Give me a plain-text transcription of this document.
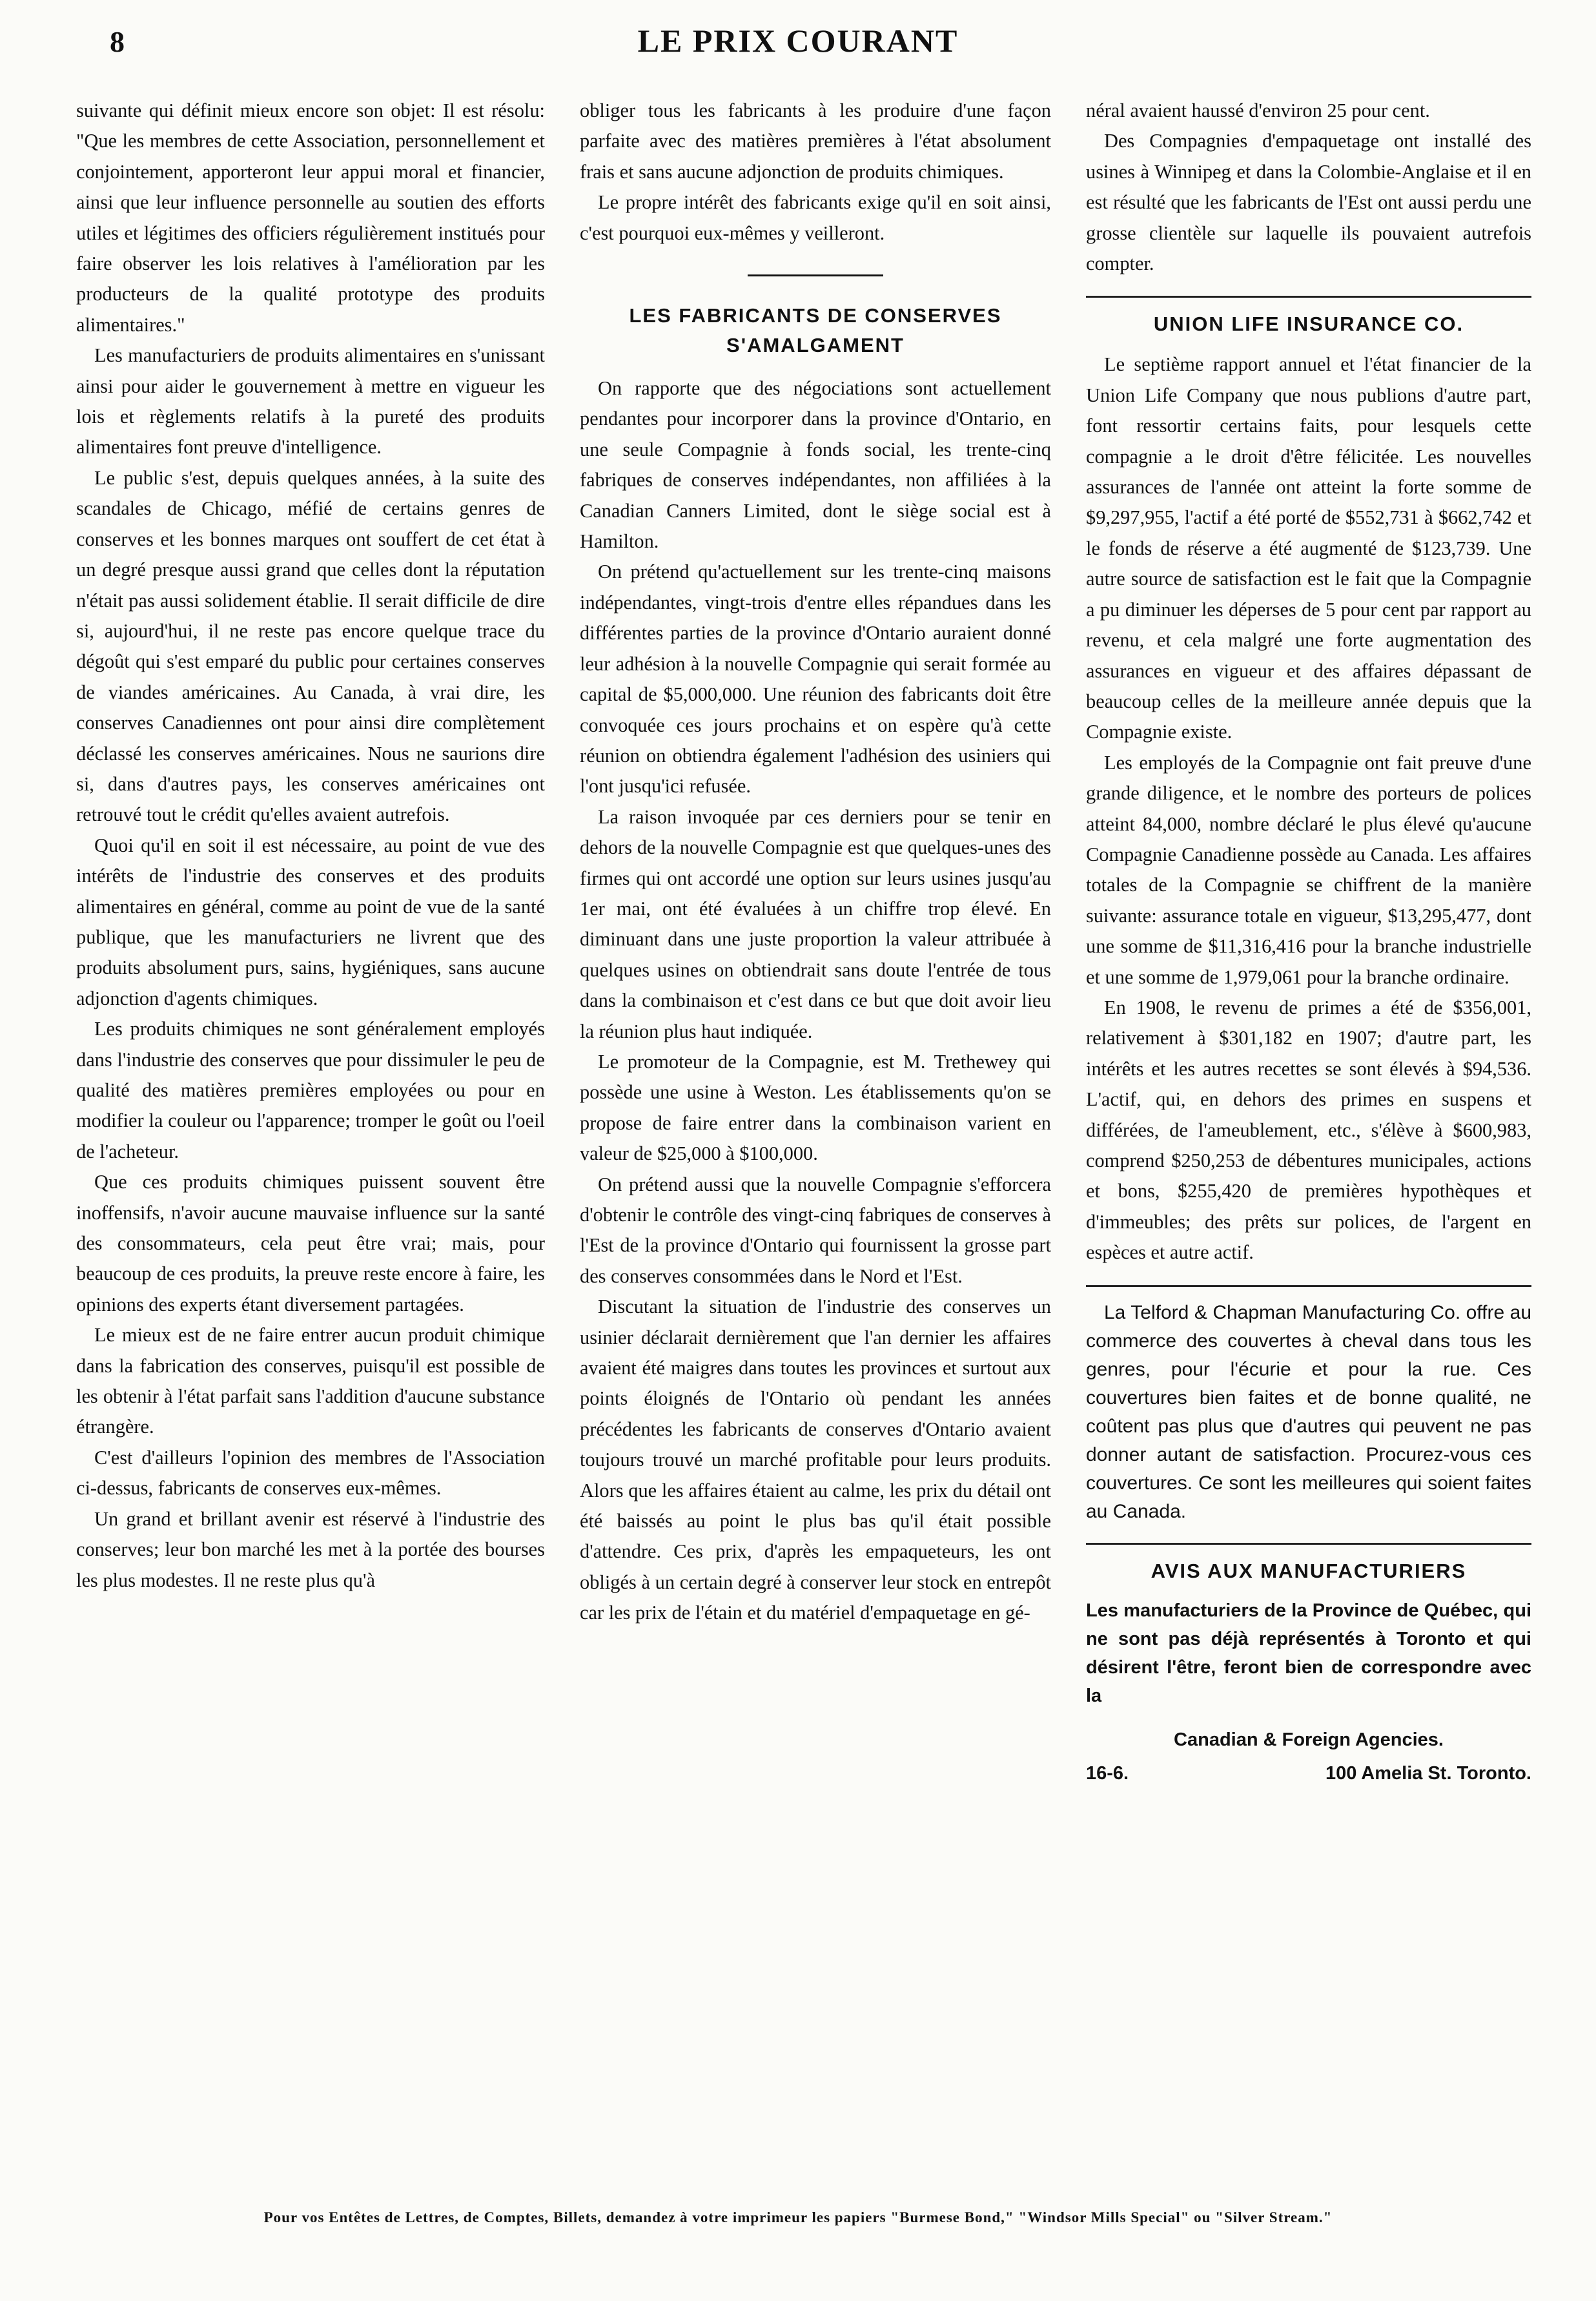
8	LE PRIX COURANT

suivante qui définit mieux encore son objet: Il est résolu: "Que les membres de cette Association, personnellement et conjointement, apporteront leur appui moral et financier, ainsi que leur influence personnelle au soutien des efforts utiles et légitimes des officiers régulièrement institués pour faire observer les lois relatives à l'amélioration par les producteurs de la qualité prototype des produits alimentaires."

Les manufacturiers de produits alimentaires en s'unissant ainsi pour aider le gouvernement à mettre en vigueur les lois et règlements relatifs à la pureté des produits alimentaires font preuve d'intelligence.

Le public s'est, depuis quelques années, à la suite des scandales de Chicago, méfié de certains genres de conserves et les bonnes marques ont souffert de cet état à un degré presque aussi grand que celles dont la réputation n'était pas aussi solidement établie. Il serait difficile de dire si, aujourd'hui, il ne reste pas encore quelque trace du dégoût qui s'est emparé du public pour certaines conserves de viandes américaines. Au Canada, à vrai dire, les conserves Canadiennes ont pour ainsi dire complètement déclassé les conserves américaines. Nous ne saurions dire si, dans d'autres pays, les conserves américaines ont retrouvé tout le crédit qu'elles avaient autrefois.

Quoi qu'il en soit il est nécessaire, au point de vue des intérêts de l'industrie des conserves et des produits alimentaires en général, comme au point de vue de la santé publique, que les manufacturiers ne livrent que des produits absolument purs, sains, hygiéniques, sans aucune adjonction d'agents chimiques.

Les produits chimiques ne sont généralement employés dans l'industrie des conserves que pour dissimuler le peu de qualité des matières premières employées ou pour en modifier la couleur ou l'apparence; tromper le goût ou l'oeil de l'acheteur.

Que ces produits chimiques puissent souvent être inoffensifs, n'avoir aucune mauvaise influence sur la santé des consommateurs, cela peut être vrai; mais, pour beaucoup de ces produits, la preuve reste encore à faire, les opinions des experts étant diversement partagées.

Le mieux est de ne faire entrer aucun produit chimique dans la fabrication des conserves, puisqu'il est possible de les obtenir à l'état parfait sans l'addition d'aucune substance étrangère.

C'est d'ailleurs l'opinion des membres de l'Association ci-dessus, fabricants de conserves eux-mêmes.

Un grand et brillant avenir est réservé à l'industrie des conserves; leur bon marché les met à la portée des bourses les plus modestes. Il ne reste plus qu'à

obliger tous les fabricants à les produire d'une façon parfaite avec des matières premières à l'état absolument frais et sans aucune adjonction de produits chimiques.

Le propre intérêt des fabricants exige qu'il en soit ainsi, c'est pourquoi eux-mêmes y veilleront.

LES FABRICANTS DE CONSERVES S'AMALGAMENT

On rapporte que des négociations sont actuellement pendantes pour incorporer dans la province d'Ontario, en une seule Compagnie à fonds social, les trente-cinq fabriques de conserves indépendantes, non affiliées à la Canadian Canners Limited, dont le siège social est à Hamilton.

On prétend qu'actuellement sur les trente-cinq maisons indépendantes, vingt-trois d'entre elles répandues dans les différentes parties de la province d'Ontario auraient donné leur adhésion à la nouvelle Compagnie qui serait formée au capital de $5,000,000. Une réunion des fabricants doit être convoquée ces jours prochains et on espère qu'à cette réunion on obtiendra également l'adhésion des usiniers qui l'ont jusqu'ici refusée.

La raison invoquée par ces derniers pour se tenir en dehors de la nouvelle Compagnie est que quelques-unes des firmes qui ont accordé une option sur leurs usines jusqu'au 1er mai, ont été évaluées à un chiffre trop élevé. En diminuant dans une juste proportion la valeur attribuée à quelques usines on obtiendrait sans doute l'entrée de tous dans la combinaison et c'est dans ce but que doit avoir lieu la réunion plus haut indiquée.

Le promoteur de la Compagnie, est M. Trethewey qui possède une usine à Weston. Les établissements qu'on se propose de faire entrer dans la combinaison varient en valeur de $25,000 à $100,000.

On prétend aussi que la nouvelle Compagnie s'efforcera d'obtenir le contrôle des vingt-cinq fabriques de conserves à l'Est de la province d'Ontario qui fournissent la grosse part des conserves consommées dans le Nord et l'Est.

Discutant la situation de l'industrie des conserves un usinier déclarait dernièrement que l'an dernier les affaires avaient été maigres dans toutes les provinces et surtout aux points éloignés de l'Ontario où pendant les années précédentes les fabricants de conserves d'Ontario avaient toujours trouvé un marché profitable pour leurs produits. Alors que les affaires étaient au calme, les prix du détail ont été baissés au point le plus bas qu'il était possible d'attendre. Ces prix, d'après les empaqueteurs, les ont obligés à un certain degré à conserver leur stock en entrepôt car les prix de l'étain et du matériel d'empaquetage en gé-

néral avaient haussé d'environ 25 pour cent.

Des Compagnies d'empaquetage ont installé des usines à Winnipeg et dans la Colombie-Anglaise et il en est résulté que les fabricants de l'Est ont aussi perdu une grosse clientèle sur laquelle ils pouvaient autrefois compter.

UNION LIFE INSURANCE CO.

Le septième rapport annuel et l'état financier de la Union Life Company que nous publions d'autre part, font ressortir certains faits, pour lesquels cette compagnie a le droit d'être félicitée. Les nouvelles assurances de l'année ont atteint la forte somme de $9,297,955, l'actif a été porté de $552,731 à $662,742 et le fonds de réserve a été augmenté de $123,739. Une autre source de satisfaction est le fait que la Compagnie a pu diminuer les déperses de 5 pour cent par rapport au revenu, et cela malgré une forte augmentation des assurances en vigueur et des affaires dépassant de beaucoup celles de la meilleure année depuis que la Compagnie existe.

Les employés de la Compagnie ont fait preuve d'une grande diligence, et le nombre des porteurs de polices atteint 84,000, nombre déclaré le plus élevé qu'aucune Compagnie Canadienne possède au Canada. Les affaires totales de la Compagnie se chiffrent de la manière suivante: assurance totale en vigueur, $13,295,477, dont une somme de $11,316,416 pour la branche industrielle et une somme de 1,979,061 pour la branche ordinaire.

En 1908, le revenu de primes a été de $356,001, relativement à $301,182 en 1907; d'autre part, les intérêts et les autres recettes se sont élevés à $94,536. L'actif, qui, en dehors des primes en suspens et différées, de l'ameublement, etc., s'élève à $600,983, comprend $250,253 de débentures municipales, actions et bons, $255,420 de premières hypothèques et d'immeubles; des prêts sur polices, de l'argent en espèces et autre actif.

La Telford & Chapman Manufacturing Co. offre au commerce des couvertes à cheval dans tous les genres, pour l'écurie et pour la rue. Ces couvertures bien faites et de bonne qualité, ne coûtent pas plus que d'autres qui peuvent ne pas donner autant de satisfaction. Procurez-vous ces couvertures. Ce sont les meilleures qui soient faites au Canada.

AVIS AUX MANUFACTURIERS

Les manufacturiers de la Province de Québec, qui ne sont pas déjà représentés à Toronto et qui désirent l'être, feront bien de correspondre avec la

Canadian & Foreign Agencies.

16-6.	100 Amelia St. Toronto.

Pour vos Entêtes de Lettres, de Comptes, Billets, demandez à votre imprimeur les papiers "Burmese Bond," "Windsor Mills Special" ou "Silver Stream."
